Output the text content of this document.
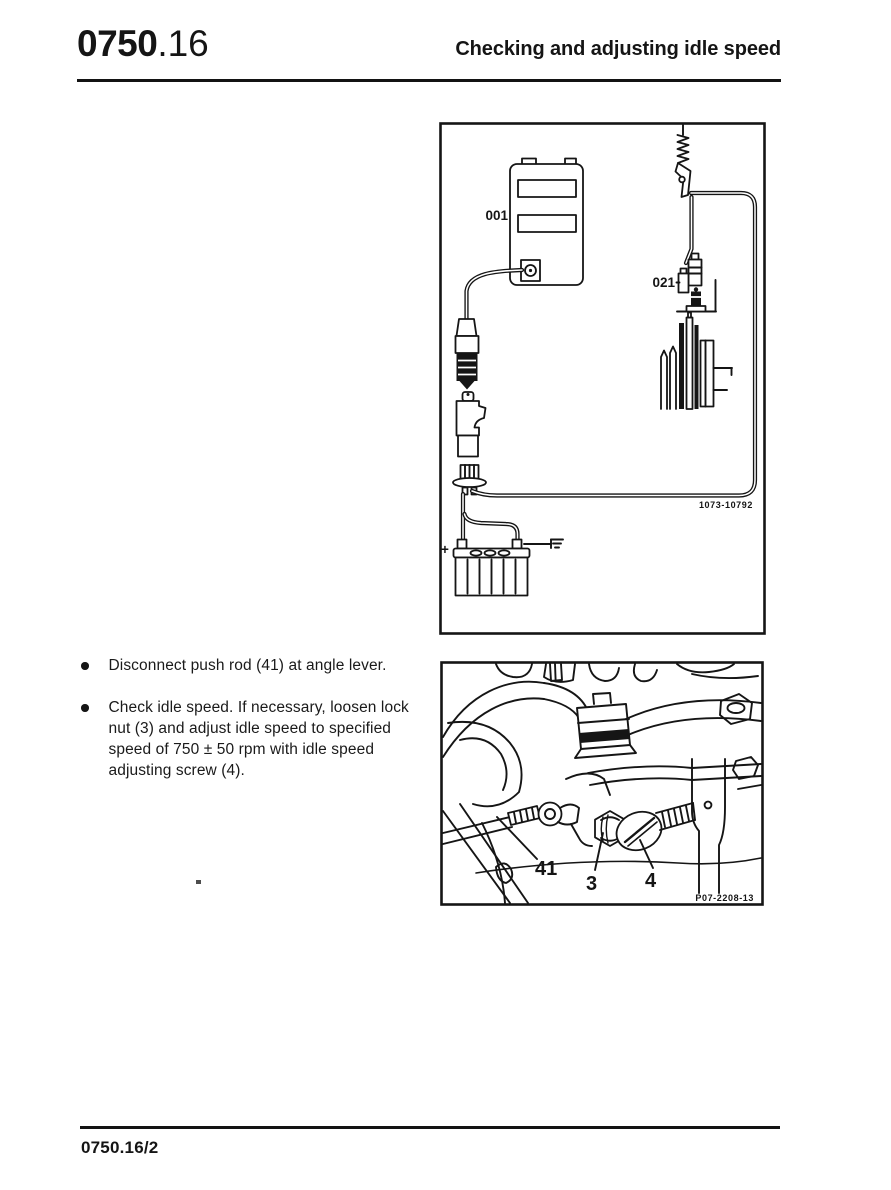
0750.16	Checking and adjusting idle speed
001
1073-10792
+
021
Disconnect push rod (41) at angle lever.
Check idle speed. If necessary, loosen lock
nut (3) and adjust idle speed to specified
speed of 750 ± 50 rpm with idle speed
adjusting screw (4).
41
3 4
P07-2208-13
0750.16/2
